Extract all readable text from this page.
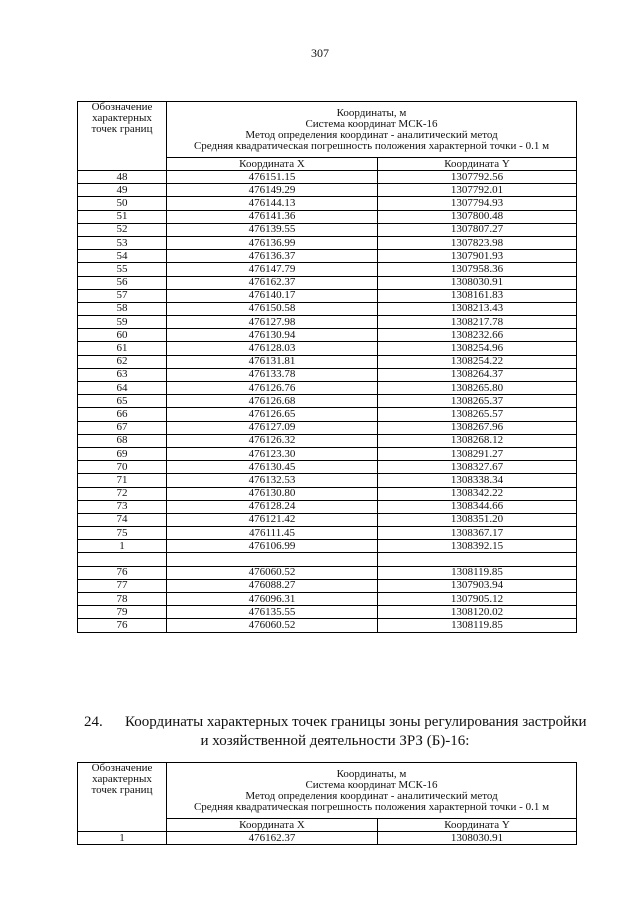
307
Обозначение
характерных
точек границ	Координаты, м
Система координат МСК-16
Метод определения координат - аналитический метод
Средняя квадратическая погрешность положения характерной точки - 0.1 м	

	Координата X	Координата Y
48	476151.15	1307792.56
49	476149.29	1307792.01
50	476144.13	1307794.93
51	476141.36	1307800.48
52	476139.55	1307807.27
53	476136.99	1307823.98
54	476136.37	1307901.93
55	476147.79	1307958.36
56	476162.37	1308030.91
57	476140.17	1308161.83
58	476150.58	1308213.43
59	476127.98	1308217.78
60	476130.94	1308232.66
61	476128.03	1308254.96
62	476131.81	1308254.22
63	476133.78	1308264.37
64	476126.76	1308265.80
65	476126.68	1308265.37
66	476126.65	1308265.57
67	476127.09	1308267.96
68	476126.32	1308268.12
69	476123.30	1308291.27
70	476130.45	1308327.67
71	476132.53	1308338.34
72	476130.80	1308342.22
73	476128.24	1308344.66
74	476121.42	1308351.20
75	476111.45	1308367.17
1	476106.99	1308392.15

76	476060.52	1308119.85
77	476088.27	1307903.94
78	476096.31	1307905.12
79	476135.55	1308120.02
76	476060.52	1308119.85
24. Координаты характерных точек границы зоны регулирования застройки
и хозяйственной деятельности ЗРЗ (Б)-16:
Обозначение
характерных
точек границ	Координаты, м
Система координат МСК-16
Метод определения координат - аналитический метод
Средняя квадратическая погрешность положения характерной точки - 0.1 м	

	Координата X	Координата Y
1	476162.37	1308030.91
